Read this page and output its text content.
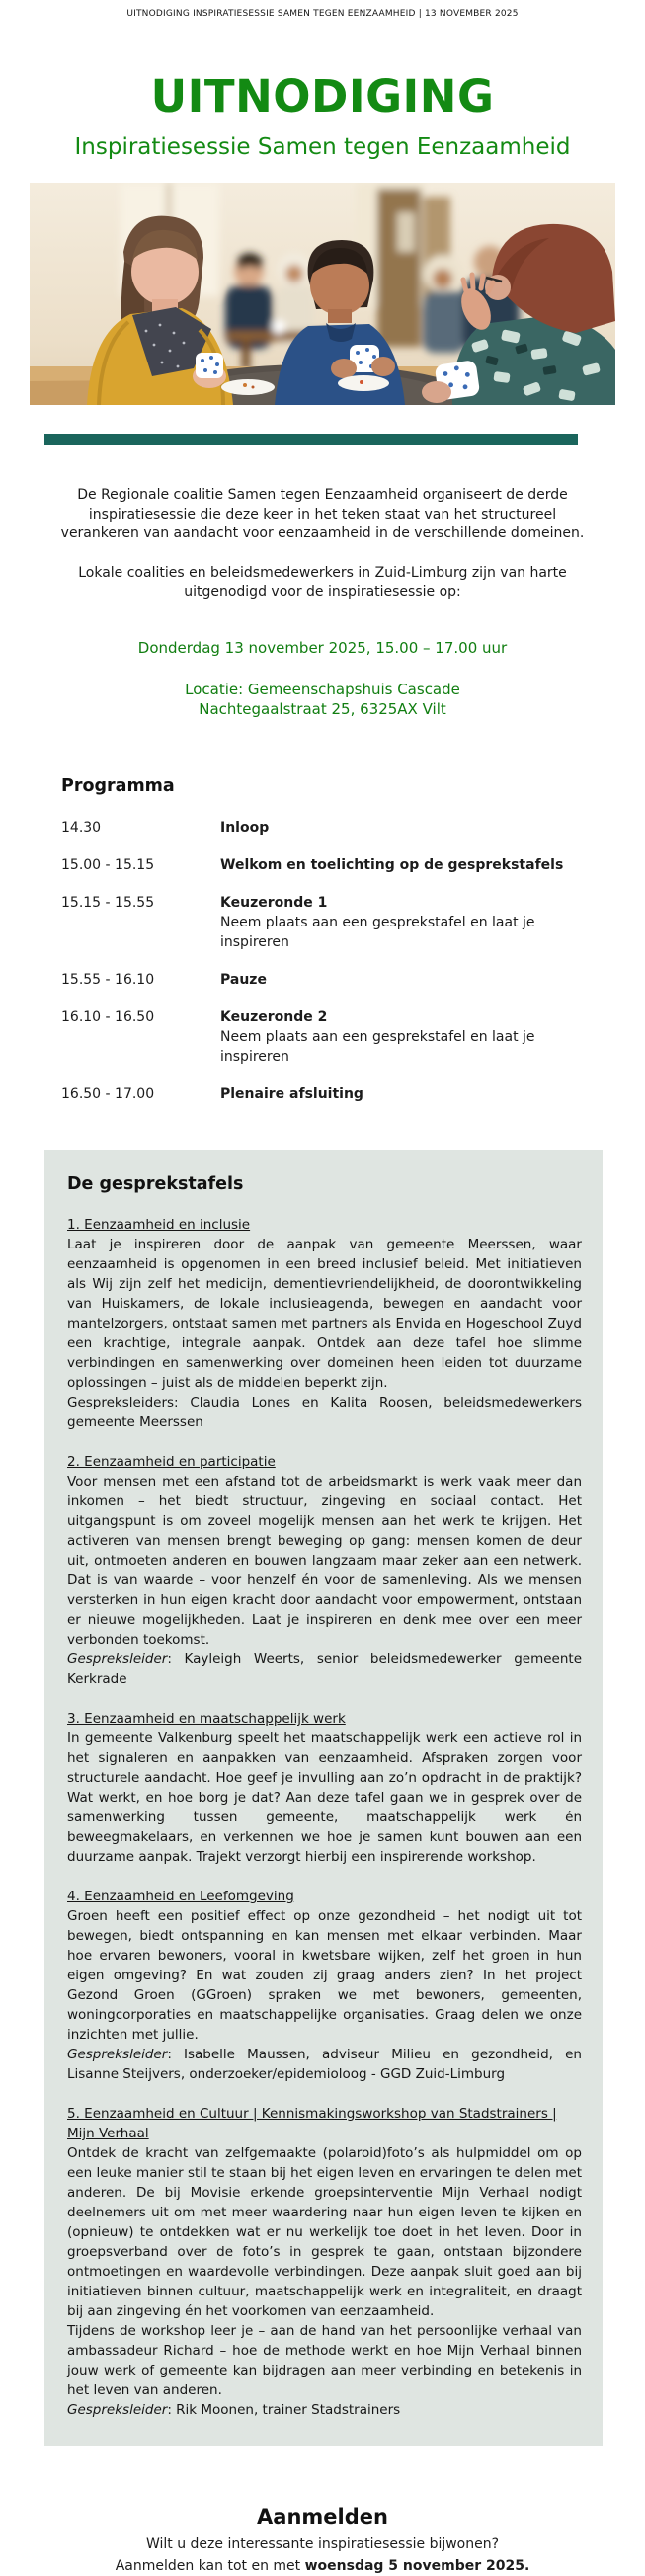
UITNODIGING INSPIRATIESESSIE SAMEN TEGEN EENZAAMHEID | 13 NOVEMBER 2025
UITNODIGING
Inspiratiesessie Samen tegen Eenzaamheid
De Regionale coalitie Samen tegen Eenzaamheid organiseert de derde inspiratiesessie die deze keer in het teken staat van het structureel verankeren van aandacht voor eenzaamheid in de verschillende domeinen.
Lokale coalities en beleidsmedewerkers in Zuid-Limburg zijn van harte uitgenodigd voor de inspiratiesessie op:
Donderdag 13 november 2025, 15.00 – 17.00 uur
Locatie: Gemeenschapshuis Cascade
Nachtegaalstraat 25, 6325AX Vilt
Programma
14.30	Inloop
15.00 - 15.15	Welkom en toelichting op de gesprekstafels
15.15 - 15.55	Keuzeronde 1
Neem plaats aan een gesprekstafel en laat je inspireren
15.55 - 16.10	Pauze
16.10 - 16.50	Keuzeronde 2
Neem plaats aan een gesprekstafel en laat je inspireren
16.50 - 17.00	Plenaire afsluiting
De gesprekstafels
1. Eenzaamheid en inclusie
Laat je inspireren door de aanpak van gemeente Meerssen, waar eenzaamheid is opgenomen in een breed inclusief beleid. Met initiatieven als Wij zijn zelf het medicijn, dementievriendelijkheid, de doorontwikkeling van Huiskamers, de lokale inclusieagenda, bewegen en aandacht voor mantelzorgers, ontstaat samen met partners als Envida en Hogeschool Zuyd een krachtige, integrale aanpak. Ontdek aan deze tafel hoe slimme verbindingen en samenwerking over domeinen heen leiden tot duurzame oplossingen – juist als de middelen beperkt zijn.
Gespreksleiders: Claudia Lones en Kalita Roosen, beleidsmedewerkers gemeente Meerssen
2. Eenzaamheid en participatie
Voor mensen met een afstand tot de arbeidsmarkt is werk vaak meer dan inkomen – het biedt structuur, zingeving en sociaal contact. Het uitgangspunt is om zoveel mogelijk mensen aan het werk te krijgen. Het activeren van mensen brengt beweging op gang: mensen komen de deur uit, ontmoeten anderen en bouwen langzaam maar zeker aan een netwerk. Dat is van waarde – voor henzelf én voor de samenleving. Als we mensen versterken in hun eigen kracht door aandacht voor empowerment, ontstaan er nieuwe mogelijkheden. Laat je inspireren en denk mee over een meer verbonden toekomst.
Gespreksleider: Kayleigh Weerts, senior beleidsmedewerker gemeente Kerkrade
3. Eenzaamheid en maatschappelijk werk
In gemeente Valkenburg speelt het maatschappelijk werk een actieve rol in het signaleren en aanpakken van eenzaamheid. Afspraken zorgen voor structurele aandacht. Hoe geef je invulling aan zo’n opdracht in de praktijk? Wat werkt, en hoe borg je dat? Aan deze tafel gaan we in gesprek over de samenwerking tussen gemeente, maatschappelijk werk én beweegmakelaars, en verkennen we hoe je samen kunt bouwen aan een duurzame aanpak. Trajekt verzorgt hierbij een inspirerende workshop.
4. Eenzaamheid en Leefomgeving
Groen heeft een positief effect op onze gezondheid – het nodigt uit tot bewegen, biedt ontspanning en kan mensen met elkaar verbinden. Maar hoe ervaren bewoners, vooral in kwetsbare wijken, zelf het groen in hun eigen omgeving? En wat zouden zij graag anders zien? In het project Gezond Groen (GGroen) spraken we met bewoners, gemeenten, woningcorporaties en maatschappelijke organisaties. Graag delen we onze inzichten met jullie.
Gespreksleider: Isabelle Maussen, adviseur Milieu en gezondheid, en Lisanne Steijvers, onderzoeker/epidemioloog - GGD Zuid-Limburg
5. Eenzaamheid en Cultuur | Kennismakingsworkshop van Stadstrainers | Mijn Verhaal
Ontdek de kracht van zelfgemaakte (polaroid)foto’s als hulpmiddel om op een leuke manier stil te staan bij het eigen leven en ervaringen te delen met anderen. De bij Movisie erkende groepsinterventie Mijn Verhaal nodigt deelnemers uit om met meer waardering naar hun eigen leven te kijken en (opnieuw) te ontdekken wat er nu werkelijk toe doet in het leven. Door in groepsverband over de foto’s in gesprek te gaan, ontstaan bijzondere ontmoetingen en waardevolle verbindingen. Deze aanpak sluit goed aan bij initiatieven binnen cultuur, maatschappelijk werk en integraliteit, en draagt bij aan zingeving én het voorkomen van eenzaamheid.
Tijdens de workshop leer je – aan de hand van het persoonlijke verhaal van ambassadeur Richard – hoe de methode werkt en hoe Mijn Verhaal binnen jouw werk of gemeente kan bijdragen aan meer verbinding en betekenis in het leven van anderen.
Gespreksleider: Rik Moonen, trainer Stadstrainers
Aanmelden
Wilt u deze interessante inspiratiesessie bijwonen?
Aanmelden kan tot en met woensdag 5 november 2025.
